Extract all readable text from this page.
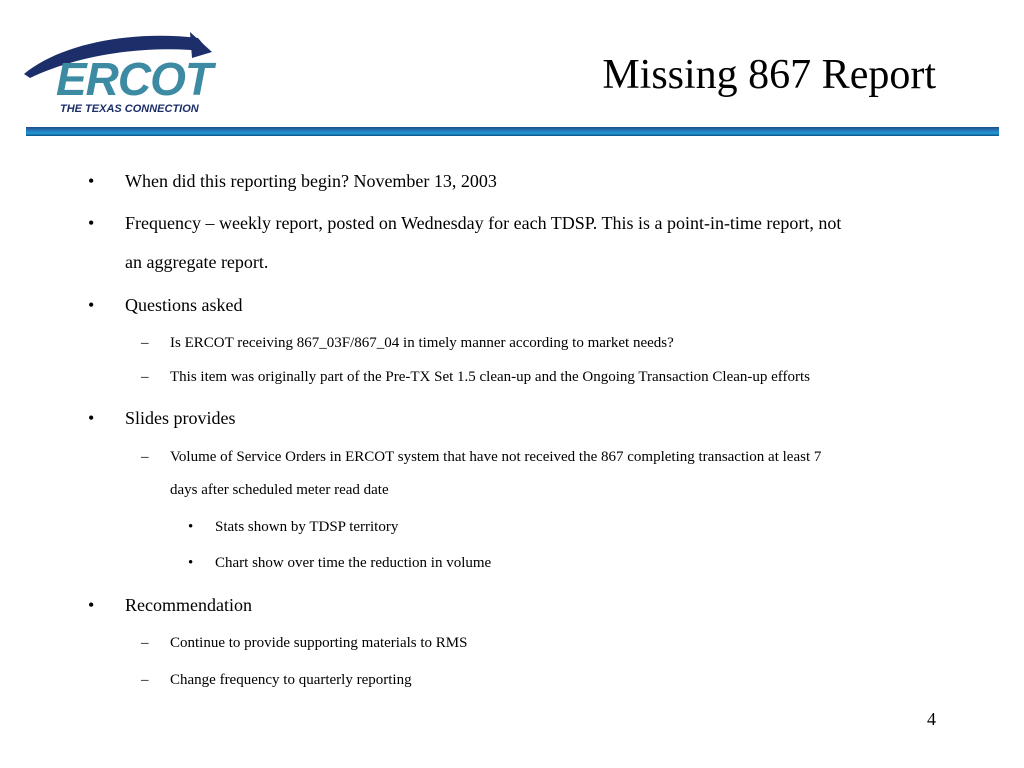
ERCOT
THE TEXAS CONNECTION
Missing 867 Report
• When did this reporting begin? November 13, 2003
• Frequency – weekly report, posted on Wednesday for each TDSP. This is a point-in-time report, not
an aggregate report.
• Questions asked
– Is ERCOT receiving 867_03F/867_04 in timely manner according to market needs?
– This item was originally part of the Pre-TX Set 1.5 clean-up and the Ongoing Transaction Clean-up efforts
• Slides provides
– Volume of Service Orders in ERCOT system that have not received the 867 completing transaction at least 7
days after scheduled meter read date
• Stats shown by TDSP territory
• Chart show over time the reduction in volume
• Recommendation
– Continue to provide supporting materials to RMS
– Change frequency to quarterly reporting
4
